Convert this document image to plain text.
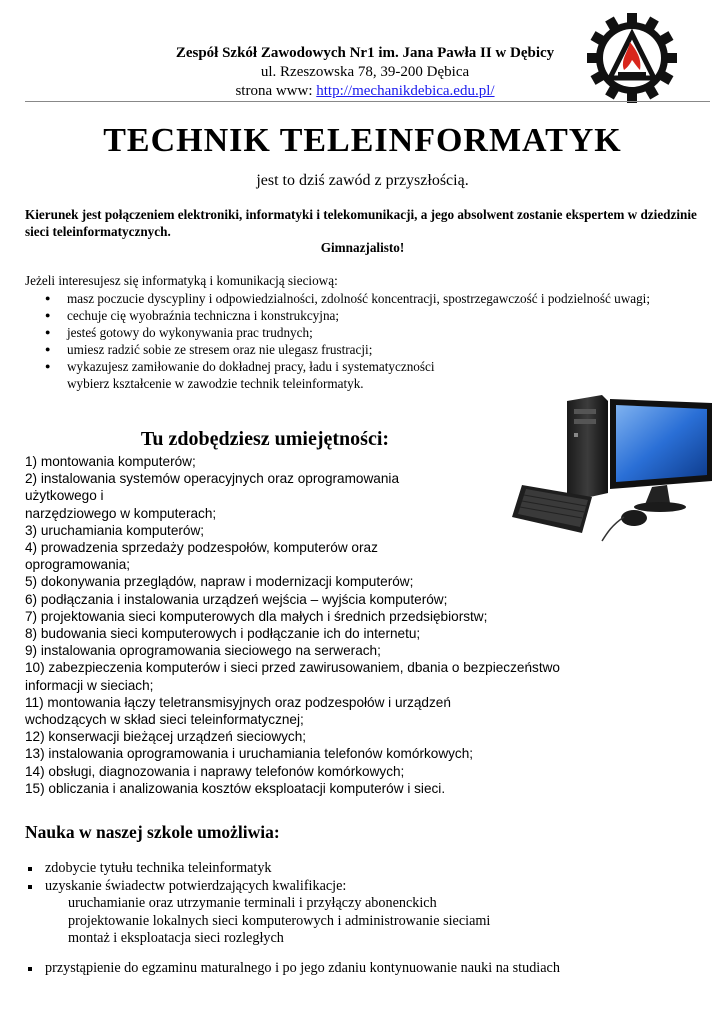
Zespół Szkół Zawodowych Nr1 im. Jana Pawła II w Dębicy
ul. Rzeszowska 78, 39-200 Dębica
strona www: http://mechanikdebica.edu.pl/
TECHNIK TELEINFORMATYK
jest to dziś zawód z przyszłością.
Kierunek jest połączeniem elektroniki, informatyki i telekomunikacji, a jego absolwent zostanie ekspertem w dziedzinie sieci teleinformatycznych.
Gimnazjalisto!
Jeżeli interesujesz się informatyką i komunikacją sieciową:
● masz poczucie dyscypliny i odpowiedzialności, zdolność koncentracji, spostrzegawczość i podzielność uwagi;
● cechuje cię wyobraźnia techniczna i konstrukcyjna;
● jesteś gotowy do wykonywania prac trudnych;
● umiesz radzić sobie ze stresem oraz nie ulegasz frustracji;
● wykazujesz zamiłowanie do dokładnej pracy, ładu i systematyczności
wybierz kształcenie w zawodzie technik teleinformatyk.
Tu zdobędziesz umiejętności:
1) montowania komputerów;
2) instalowania systemów operacyjnych oraz oprogramowania
użytkowego i
narzędziowego w komputerach;
3) uruchamiania komputerów;
4) prowadzenia sprzedaży podzespołów, komputerów oraz
oprogramowania;
5) dokonywania przeglądów, napraw i modernizacji komputerów;
6) podłączania i instalowania urządzeń wejścia – wyjścia komputerów;
7) projektowania sieci komputerowych dla małych i średnich przedsiębiorstw;
8) budowania sieci komputerowych i podłączanie ich do internetu;
9) instalowania oprogramowania sieciowego na serwerach;
10) zabezpieczenia komputerów i sieci przed zawirusowaniem, dbania o bezpieczeństwo
informacji w sieciach;
11) montowania łączy teletransmisyjnych oraz podzespołów i urządzeń
wchodzących w skład sieci teleinformatycznej;
12) konserwacji bieżącej urządzeń sieciowych;
13) instalowania oprogramowania i uruchamiania telefonów komórkowych;
14) obsługi, diagnozowania i naprawy telefonów komórkowych;
15) obliczania i analizowania kosztów eksploatacji komputerów i sieci.
Nauka w naszej szkole umożliwia:
zdobycie tytułu technika teleinformatyk
uzyskanie świadectw potwierdzających kwalifikacje:
uruchamianie oraz utrzymanie terminali i przyłączy abonenckich
projektowanie lokalnych sieci komputerowych i administrowanie sieciami
montaż i eksploatacja sieci rozległych
przystąpienie do egzaminu maturalnego i po jego zdaniu kontynuowanie nauki na studiach
